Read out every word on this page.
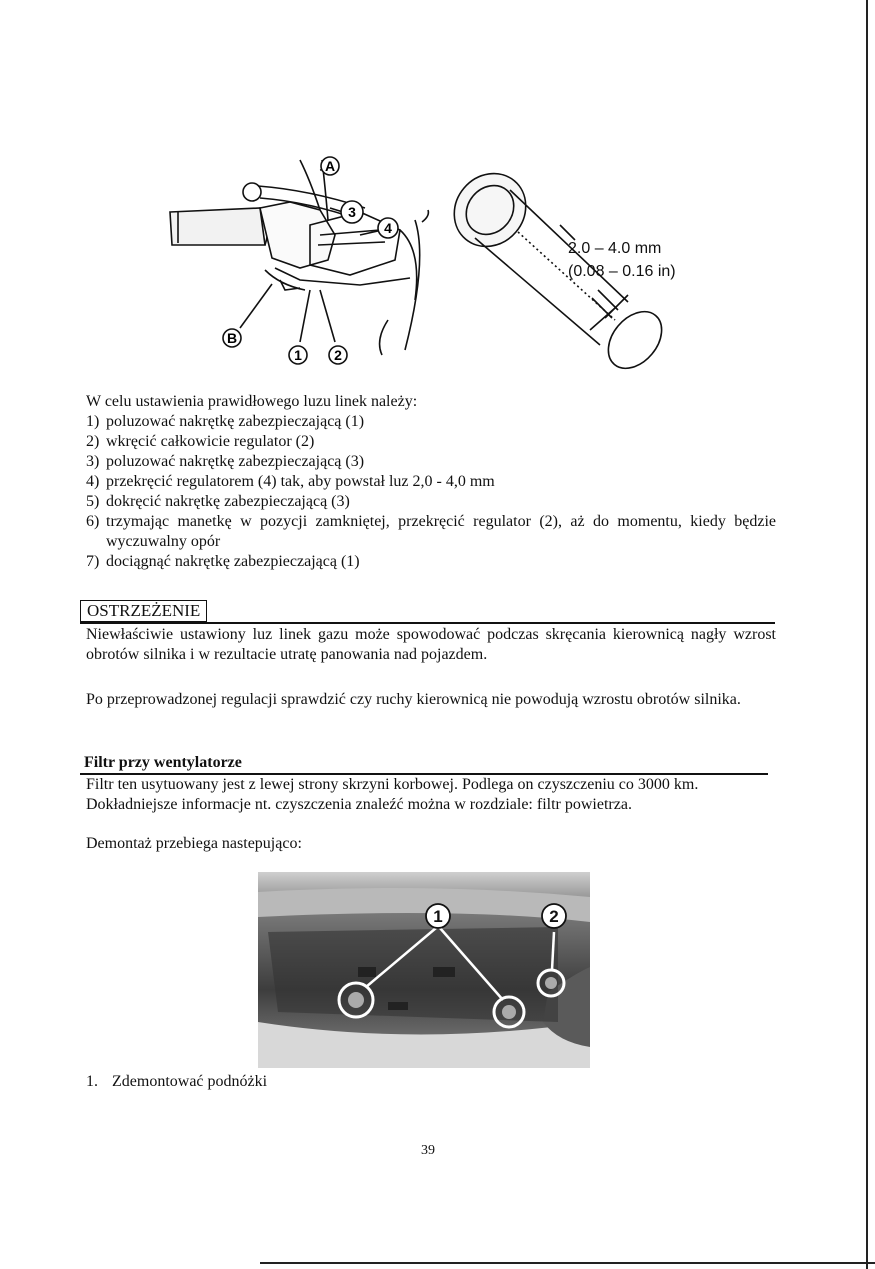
A
B
1 2
3
4
2.0 – 4.0 mm
(0.08 – 0.16 in)
W celu ustawienia prawidłowego luzu linek należy:
1) poluzować nakrętkę zabezpieczającą (1)
2) wkręcić całkowicie regulator (2)
3) poluzować nakrętkę zabezpieczającą (3)
4) przekręcić regulatorem (4) tak, aby powstał luz 2,0 - 4,0 mm
5) dokręcić nakrętkę zabezpieczającą (3)
6) trzymając manetkę w pozycji zamkniętej, przekręcić regulator (2), aż do momentu, kiedy będzie wyczuwalny opór
7) dociągnąć nakrętkę zabezpieczającą (1)
OSTRZEŻENIE
Niewłaściwie ustawiony luz linek gazu może spowodować podczas skręcania kierownicą nagły wzrost obrotów silnika i w rezultacie utratę panowania nad pojazdem.
Po przeprowadzonej regulacji sprawdzić czy ruchy kierownicą nie powodują wzrostu obrotów silnika.
Filtr przy wentylatorze
Filtr ten usytuowany jest z lewej strony skrzyni korbowej. Podlega on czyszczeniu co 3000 km.
Dokładniejsze informacje nt. czyszczenia znaleźć można w rozdziale: filtr powietrza.
Demontaż przebiega nastepująco:
1	2
1. Zdemontować podnóżki
39
